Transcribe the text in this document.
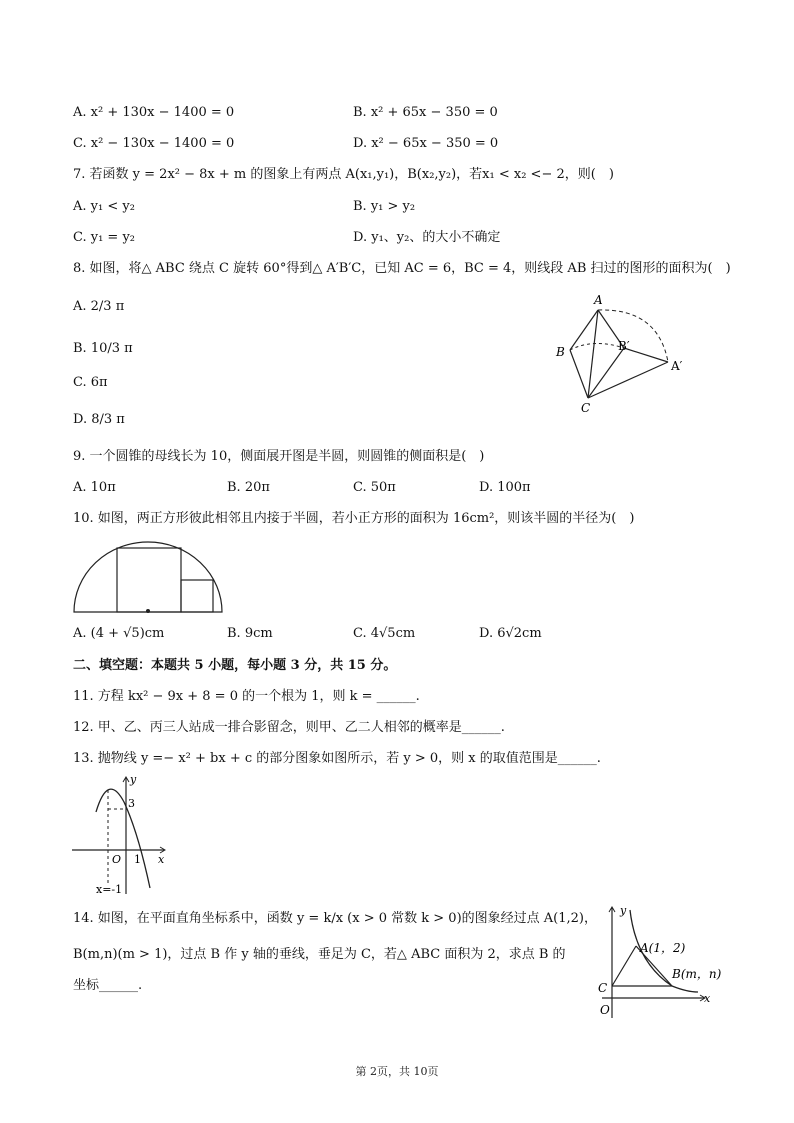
A. x² + 130x − 1400 = 0	B. x² + 65x − 350 = 0
C. x² − 130x − 1400 = 0	D. x² − 65x − 350 = 0
7. 若函数 y = 2x² − 8x + m 的图象上有两点 A(x₁,y₁)，B(x₂,y₂)，若x₁ < x₂ <− 2，则(　)
A. y₁ < y₂	B. y₁ > y₂
C. y₁ = y₂	D. y₁、y₂、的大小不确定
8. 如图，将△ ABC 绕点 C 旋转 60°得到△ A′B′C，已知 AC = 6，BC = 4，则线段 AB 扫过的图形的面积为(　)
A. 2/3 π
B. 10/3 π
C. 6π
D. 8/3 π
A
B	B′
A′
C
9. 一个圆锥的母线长为 10，侧面展开图是半圆，则圆锥的侧面积是(　)
A. 10π	B. 20π	C. 50π	D. 100π
10. 如图，两正方形彼此相邻且内接于半圆，若小正方形的面积为 16cm²，则该半圆的半径为(　)
A. (4 + √5)cm	B. 9cm	C. 4√5cm	D. 6√2cm
二、填空题：本题共 5 小题，每小题 3 分，共 15 分。
11. 方程 kx² − 9x + 8 = 0 的一个根为 1，则 k = ______.
12. 甲、乙、丙三人站成一排合影留念，则甲、乙二人相邻的概率是______.
13. 抛物线 y =− x² + bx + c 的部分图象如图所示，若 y > 0，则 x 的取值范围是______.
y
3
O 1 x
x=-1
14. 如图，在平面直角坐标系中，函数 y = k/x (x > 0 常数 k > 0)的图象经过点 A(1,2)，
B(m,n)(m > 1)，过点 B 作 y 轴的垂线，垂足为 C，若△ ABC 面积为 2，求点 B 的
坐标______.
y
A(1，2)
B(m，n)
C
O
x
第 2页，共 10页
